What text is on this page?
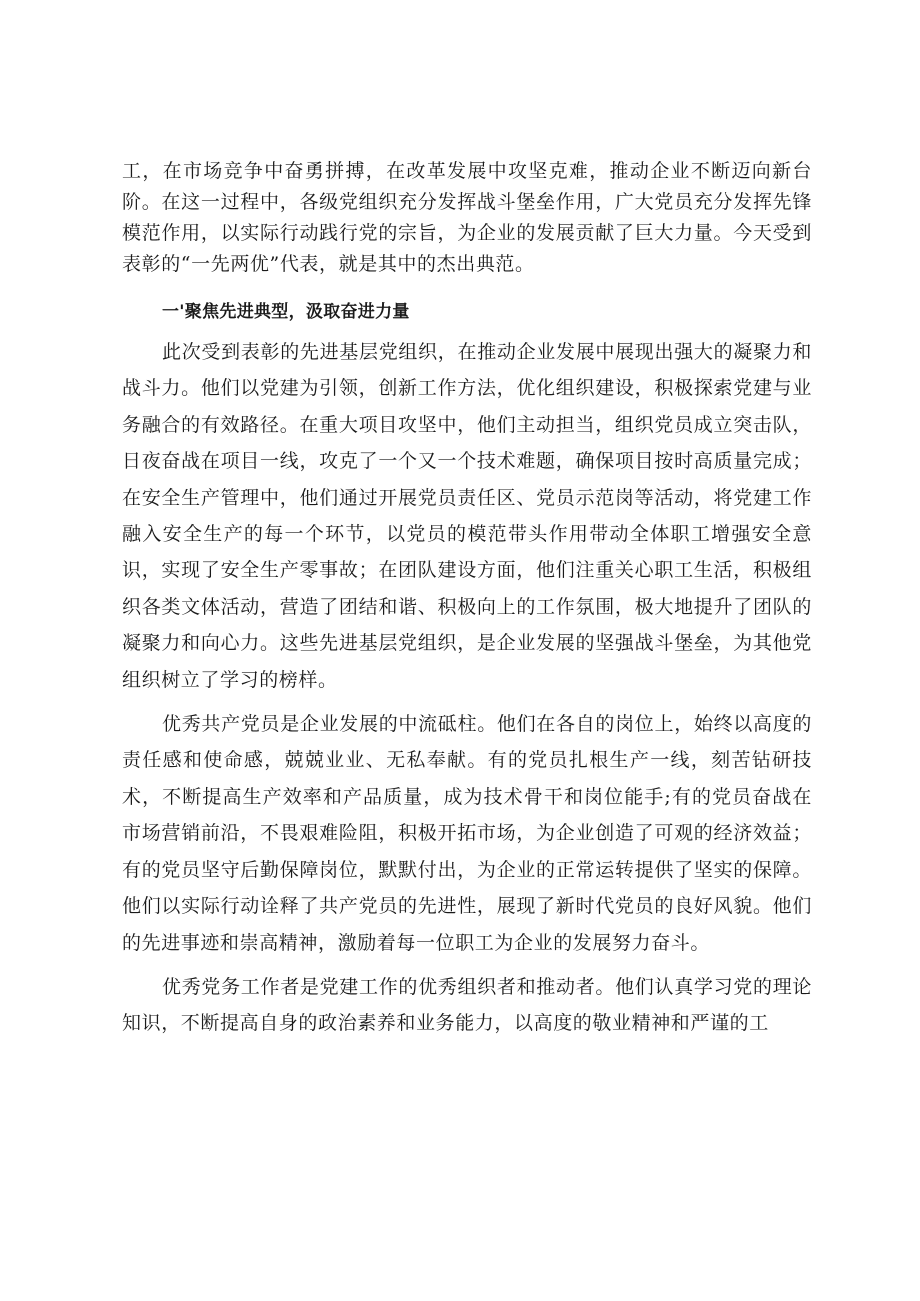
工，在市场竞争中奋勇拼搏，在改革发展中攻坚克难，推动企业不断迈向新台阶。在这一过程中，各级党组织充分发挥战斗堡垒作用，广大党员充分发挥先锋模范作用，以实际行动践行党的宗旨，为企业的发展贡献了巨大力量。今天受到表彰的“一先两优”代表，就是其中的杰出典范。

一'聚焦先进典型，汲取奋进力量

此次受到表彰的先进基层党组织，在推动企业发展中展现出强大的凝聚力和战斗力。他们以党建为引领，创新工作方法，优化组织建设，积极探索党建与业务融合的有效路径。在重大项目攻坚中，他们主动担当，组织党员成立突击队，日夜奋战在项目一线，攻克了一个又一个技术难题，确保项目按时高质量完成；在安全生产管理中，他们通过开展党员责任区、党员示范岗等活动，将党建工作融入安全生产的每一个环节，以党员的模范带头作用带动全体职工增强安全意识，实现了安全生产零事故；在团队建设方面，他们注重关心职工生活，积极组织各类文体活动，营造了团结和谐、积极向上的工作氛围，极大地提升了团队的凝聚力和向心力。这些先进基层党组织，是企业发展的坚强战斗堡垒，为其他党组织树立了学习的榜样。

优秀共产党员是企业发展的中流砥柱。他们在各自的岗位上，始终以高度的责任感和使命感，兢兢业业、无私奉献。有的党员扎根生产一线，刻苦钻研技术，不断提高生产效率和产品质量，成为技术骨干和岗位能手;有的党员奋战在市场营销前沿，不畏艰难险阻，积极开拓市场，为企业创造了可观的经济效益；有的党员坚守后勤保障岗位，默默付出，为企业的正常运转提供了坚实的保障。他们以实际行动诠释了共产党员的先进性，展现了新时代党员的良好风貌。他们的先进事迹和崇高精神，激励着每一位职工为企业的发展努力奋斗。

优秀党务工作者是党建工作的优秀组织者和推动者。他们认真学习党的理论知识，不断提高自身的政治素养和业务能力，以高度的敬业精神和严谨的工
